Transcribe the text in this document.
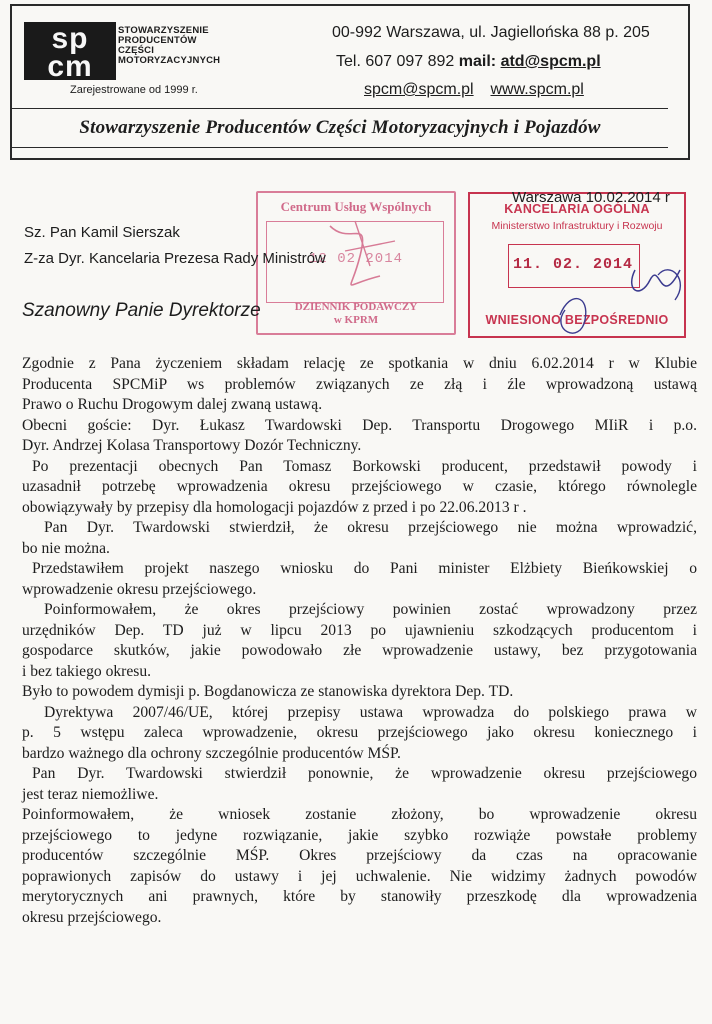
sp
cm
STOWARZYSZENIE
PRODUCENTÓW
CZĘŚCI
MOTORYZACYJNYCH
Zarejestrowane od 1999 r.
00-992 Warszawa, ul. Jagiellońska 88 p. 205
Tel. 607 097 892 mail: atd@spcm.pl
spcm@spcm.pl www.spcm.pl
Stowarzyszenie Producentów Części Motoryzacyjnych i Pojazdów
Centrum Usług Wspólnych
12 02 2014
DZIENNIK PODAWCZY
w KPRM
KANCELARIA OGÓLNA
Ministerstwo Infrastruktury i Rozwoju
11. 02. 2014
WNIESIONO BEZPOŚREDNIO
Warszawa 10.02.2014 r
Sz. Pan Kamil Sierszak
Z-za Dyr. Kancelaria Prezesa Rady Ministrów
Szanowny Panie Dyrektorze
Zgodnie z Pana życzeniem składam relację ze spotkania w dniu 6.02.2014 r w Klubie
Producenta SPCMiP ws problemów związanych ze złą i źle wprowadzoną ustawą
Prawo o Ruchu Drogowym dalej zwaną ustawą.
Obecni goście: Dyr. Łukasz Twardowski Dep. Transportu Drogowego MIiR i p.o.
Dyr. Andrzej Kolasa Transportowy Dozór Techniczny.
Po prezentacji obecnych Pan Tomasz Borkowski producent, przedstawił powody i
uzasadnił potrzebę wprowadzenia okresu przejściowego w czasie, którego równolegle
obowiązywały by przepisy dla homologacji pojazdów z przed i po 22.06.2013 r .
Pan Dyr. Twardowski stwierdził, że okresu przejściowego nie można wprowadzić,
bo nie można.
Przedstawiłem projekt naszego wniosku do Pani minister Elżbiety Bieńkowskiej o
wprowadzenie okresu przejściowego.
Poinformowałem, że okres przejściowy powinien zostać wprowadzony przez
urzędników Dep. TD już w lipcu 2013 po ujawnieniu szkodzących producentom i
gospodarce skutków, jakie powodowało złe wprowadzenie ustawy, bez przygotowania
i bez takiego okresu.
Było to powodem dymisji p. Bogdanowicza ze stanowiska dyrektora Dep. TD.
Dyrektywa 2007/46/UE, której przepisy ustawa wprowadza do polskiego prawa w
p. 5 wstępu zaleca wprowadzenie, okresu przejściowego jako okresu koniecznego i
bardzo ważnego dla ochrony szczególnie producentów MŚP.
Pan Dyr. Twardowski stwierdził ponownie, że wprowadzenie okresu przejściowego
jest teraz niemożliwe.
Poinformowałem, że wniosek zostanie złożony, bo wprowadzenie okresu
przejściowego to jedyne rozwiązanie, jakie szybko rozwiąże powstałe problemy
producentów szczególnie MŚP. Okres przejściowy da czas na opracowanie
poprawionych zapisów do ustawy i jej uchwalenie. Nie widzimy żadnych powodów
merytorycznych ani prawnych, które by stanowiły przeszkodę dla wprowadzenia
okresu przejściowego.
